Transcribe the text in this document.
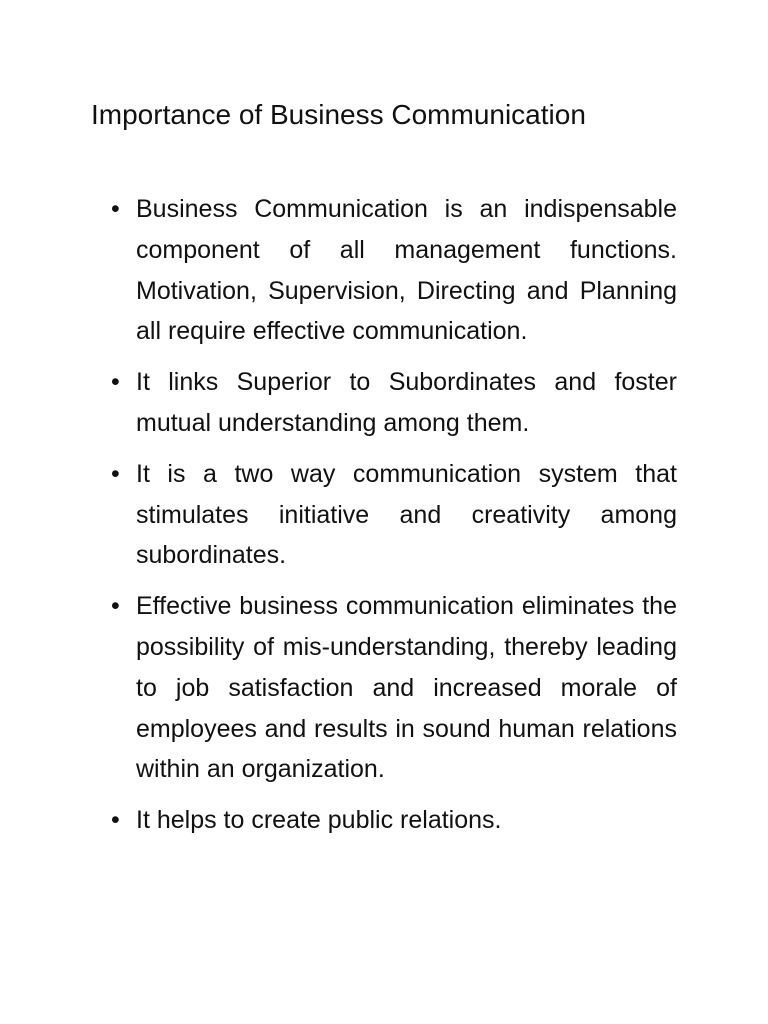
Importance of Business Communication
• Business Communication is an indispensable component of all management functions. Motivation, Supervision, Directing and Planning all require effective communication.
• It links Superior to Subordinates and foster mutual understanding among them.
• It is a two way communication system that stimulates initiative and creativity among subordinates.
• Effective business communication eliminates the possibility of mis-understanding, thereby leading to job satisfaction and increased morale of employees and results in sound human relations within an organization.
• It helps to create public relations.
